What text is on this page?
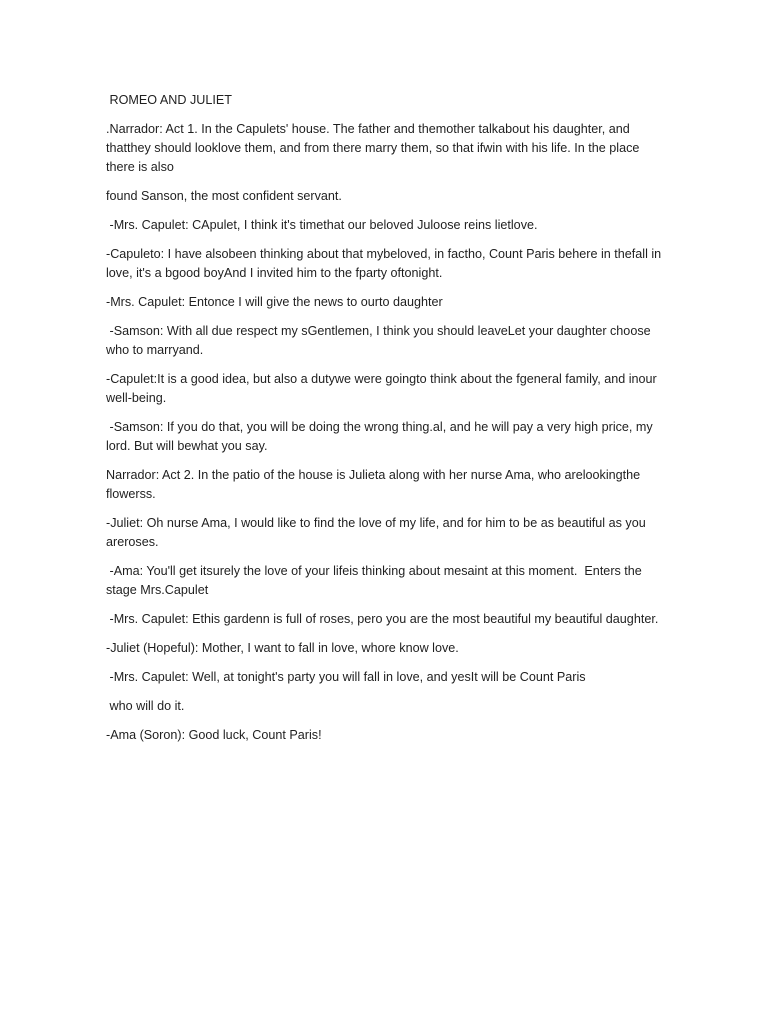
ROMEO AND JULIET

.Narrador: Act 1. In the Capulets' house. The father and themother talkabout his daughter, and thatthey should looklove them, and from there marry them, so that ifwin with his life. In the place there is also

found Sanson, the most confident servant.

-Mrs. Capulet: CApulet, I think it's timethat our beloved Juloose reins lietlove.

-Capuleto: I have alsobeen thinking about that mybeloved, in factho, Count Paris behere in thefall in love, it's a bgood boyAnd I invited him to the fparty oftonight.

-Mrs. Capulet: Entonce I will give the news to ourto daughter

-Samson: With all due respect my sGentlemen, I think you should leaveLet your daughter choose who to marryand.

-Capulet:It is a good idea, but also a dutywe were goingto think about the fgeneral family, and inour well-being.

-Samson: If you do that, you will be doing the wrong thing.al, and he will pay a very high price, my lord. But will bewhat you say.

Narrador: Act 2. In the patio of the house is Julieta along with her nurse Ama, who arelookingthe flowerss.

-Juliet: Oh nurse Ama, I would like to find the love of my life, and for him to be as beautiful as you areroses.

-Ama: You'll get itsurely the love of your lifeis thinking about mesaint at this moment.  Enters the stage Mrs.Capulet

-Mrs. Capulet: Ethis gardenn is full of roses, pero you are the most beautiful my beautiful daughter.

-Juliet (Hopeful): Mother, I want to fall in love, whore know love.

-Mrs. Capulet: Well, at tonight's party you will fall in love, and yesIt will be Count Paris

who will do it.

-Ama (Soron): Good luck, Count Paris!
